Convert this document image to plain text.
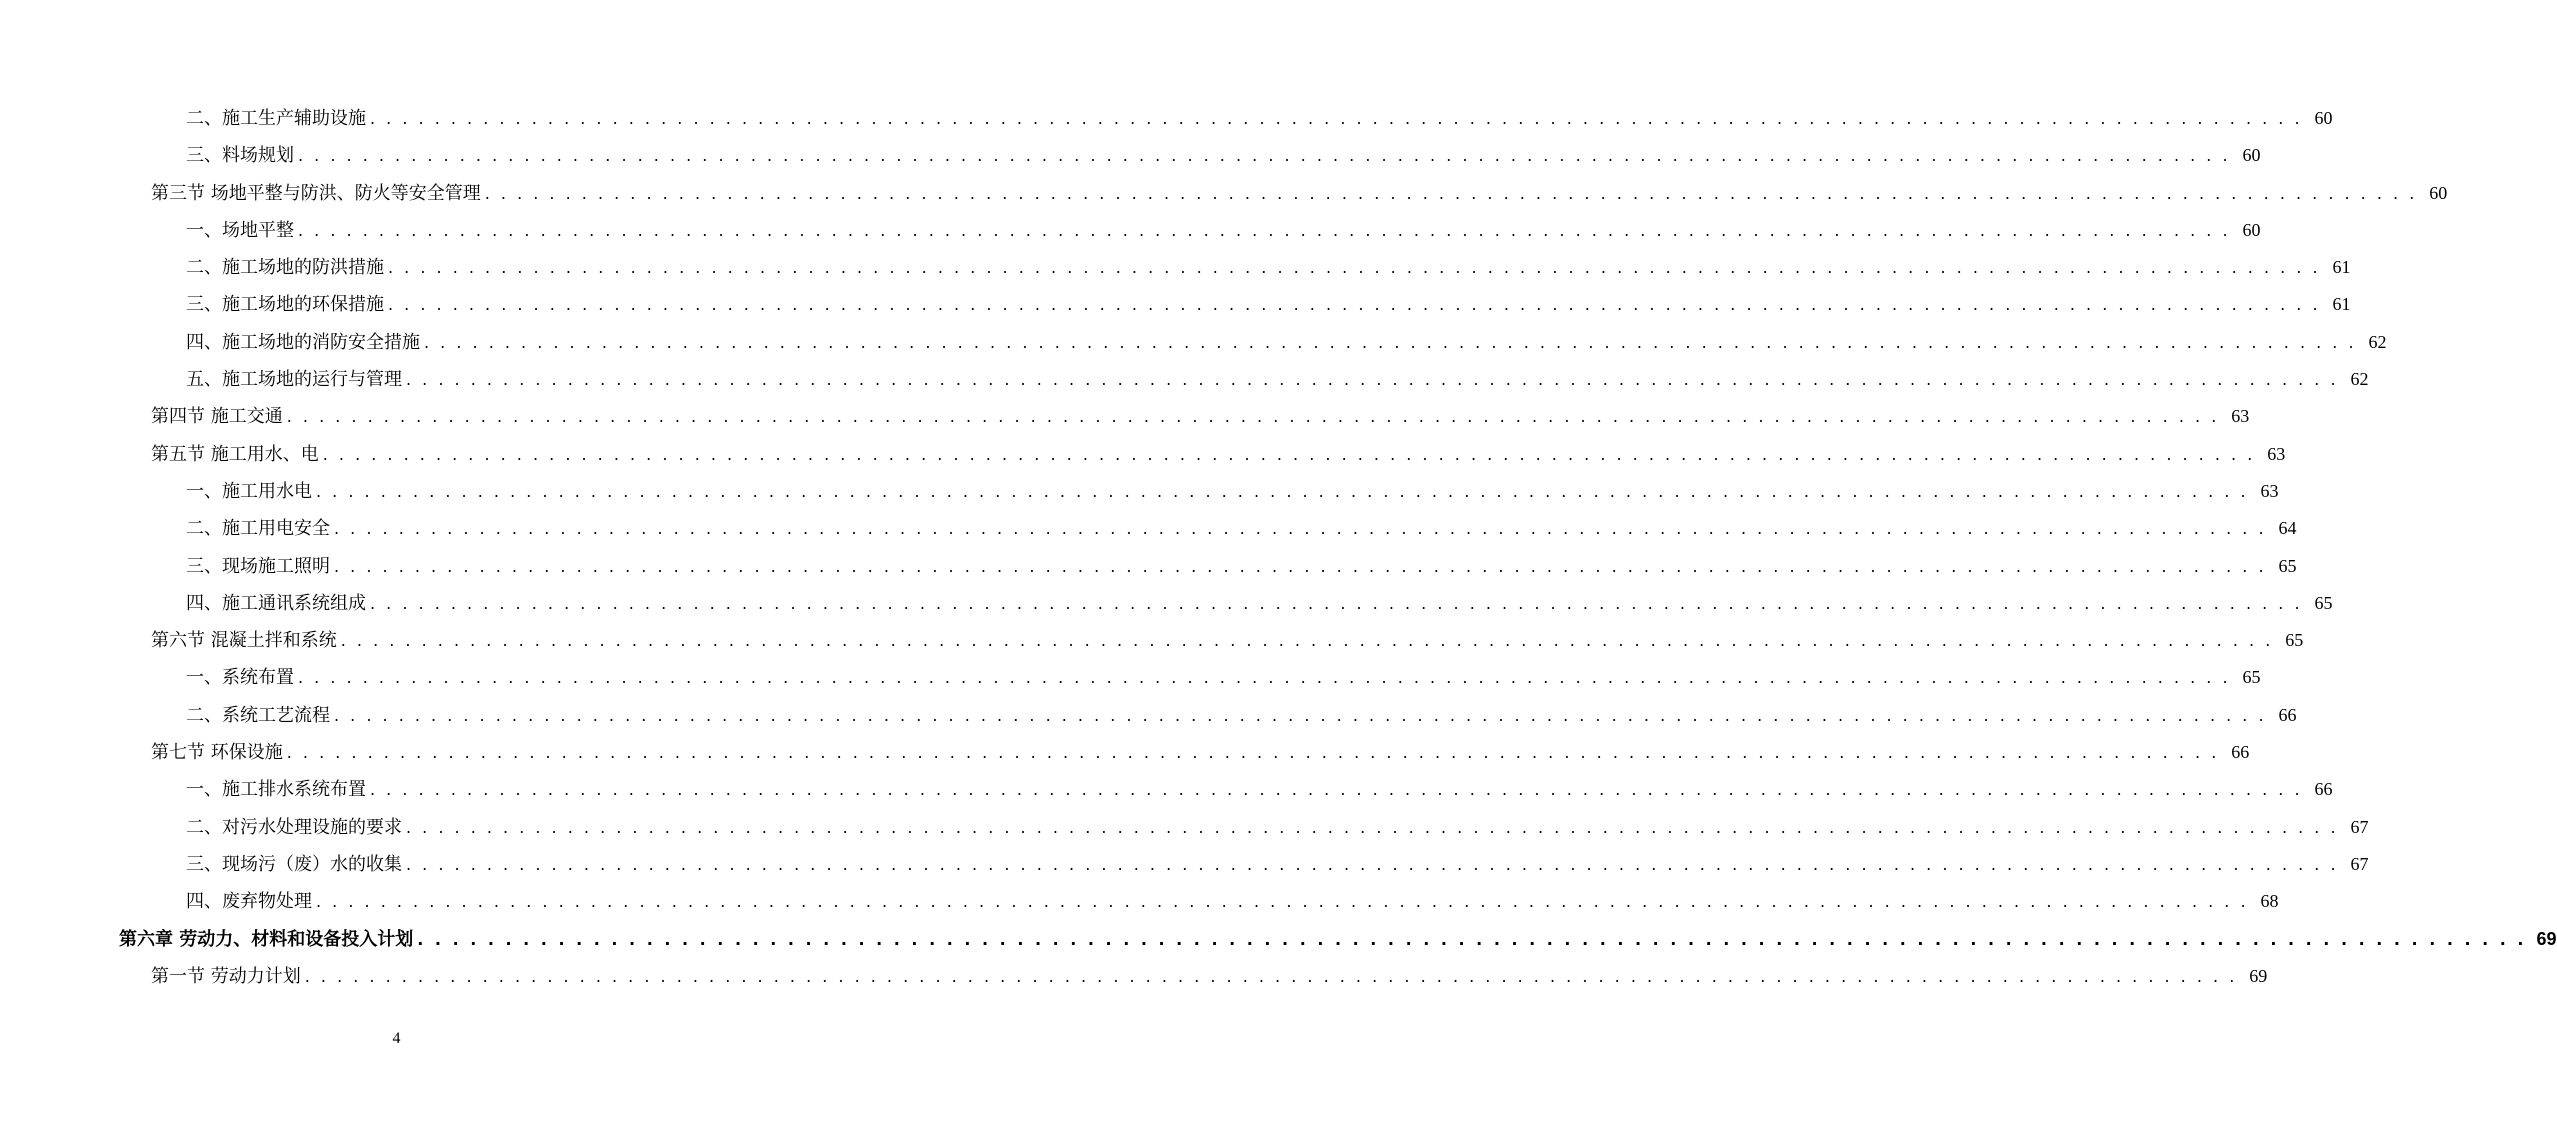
二、施工生产辅助设施 . . . . . . . . . . . . . . . . . . . . . . . . . . . . . . . . . . . . . . . . . . . . . . . . . . . . . . . . . . . . . . . . . . . . . . . . . . . . . . . . . . . . . . . . . . . . . . . . . . . . . . . . . . . . . . . . . . . . . . . . 60
三、料场规划 . . . . . . . . . . . . . . . . . . . . . . . . . . . . . . . . . . . . . . . . . . . . . . . . . . . . . . . . . . . . . . . . . . . . . . . . . . . . . . . . . . . . . . . . . . . . . . . . . . . . . . . . . . . . . . . . . . . . . . . . 60
第三节 场地平整与防洪、防火等安全管理 . . . . . . . . . . . . . . . . . . . . . . . . . . . . . . . . . . . . . . . . . . . . . . . . . . . . . . . . . . . . . . . . . . . . . . . . . . . . . . . . . . . . . . . . . . . . . . . . . . . . . . . . . . . . . . . . . . . . . . . . 60
一、场地平整 . . . . . . . . . . . . . . . . . . . . . . . . . . . . . . . . . . . . . . . . . . . . . . . . . . . . . . . . . . . . . . . . . . . . . . . . . . . . . . . . . . . . . . . . . . . . . . . . . . . . . . . . . . . . . . . . . . . . . . . . 60
二、施工场地的防洪措施 . . . . . . . . . . . . . . . . . . . . . . . . . . . . . . . . . . . . . . . . . . . . . . . . . . . . . . . . . . . . . . . . . . . . . . . . . . . . . . . . . . . . . . . . . . . . . . . . . . . . . . . . . . . . . . . . . . . . . . . . 61
三、施工场地的环保措施 . . . . . . . . . . . . . . . . . . . . . . . . . . . . . . . . . . . . . . . . . . . . . . . . . . . . . . . . . . . . . . . . . . . . . . . . . . . . . . . . . . . . . . . . . . . . . . . . . . . . . . . . . . . . . . . . . . . . . . . . 61
四、施工场地的消防安全措施 . . . . . . . . . . . . . . . . . . . . . . . . . . . . . . . . . . . . . . . . . . . . . . . . . . . . . . . . . . . . . . . . . . . . . . . . . . . . . . . . . . . . . . . . . . . . . . . . . . . . . . . . . . . . . . . . . . . . . . . . 62
五、施工场地的运行与管理 . . . . . . . . . . . . . . . . . . . . . . . . . . . . . . . . . . . . . . . . . . . . . . . . . . . . . . . . . . . . . . . . . . . . . . . . . . . . . . . . . . . . . . . . . . . . . . . . . . . . . . . . . . . . . . . . . . . . . . . . 62
第四节 施工交通 . . . . . . . . . . . . . . . . . . . . . . . . . . . . . . . . . . . . . . . . . . . . . . . . . . . . . . . . . . . . . . . . . . . . . . . . . . . . . . . . . . . . . . . . . . . . . . . . . . . . . . . . . . . . . . . . . . . . . . . . 63
第五节 施工用水、电 . . . . . . . . . . . . . . . . . . . . . . . . . . . . . . . . . . . . . . . . . . . . . . . . . . . . . . . . . . . . . . . . . . . . . . . . . . . . . . . . . . . . . . . . . . . . . . . . . . . . . . . . . . . . . . . . . . . . . . . . 63
一、施工用水电 . . . . . . . . . . . . . . . . . . . . . . . . . . . . . . . . . . . . . . . . . . . . . . . . . . . . . . . . . . . . . . . . . . . . . . . . . . . . . . . . . . . . . . . . . . . . . . . . . . . . . . . . . . . . . . . . . . . . . . . . 63
二、施工用电安全 . . . . . . . . . . . . . . . . . . . . . . . . . . . . . . . . . . . . . . . . . . . . . . . . . . . . . . . . . . . . . . . . . . . . . . . . . . . . . . . . . . . . . . . . . . . . . . . . . . . . . . . . . . . . . . . . . . . . . . . . 64
三、现场施工照明 . . . . . . . . . . . . . . . . . . . . . . . . . . . . . . . . . . . . . . . . . . . . . . . . . . . . . . . . . . . . . . . . . . . . . . . . . . . . . . . . . . . . . . . . . . . . . . . . . . . . . . . . . . . . . . . . . . . . . . . . 65
四、施工通讯系统组成 . . . . . . . . . . . . . . . . . . . . . . . . . . . . . . . . . . . . . . . . . . . . . . . . . . . . . . . . . . . . . . . . . . . . . . . . . . . . . . . . . . . . . . . . . . . . . . . . . . . . . . . . . . . . . . . . . . . . . . . . 65
第六节 混凝土拌和系统 . . . . . . . . . . . . . . . . . . . . . . . . . . . . . . . . . . . . . . . . . . . . . . . . . . . . . . . . . . . . . . . . . . . . . . . . . . . . . . . . . . . . . . . . . . . . . . . . . . . . . . . . . . . . . . . . . . . . . . . . 65
一、系统布置 . . . . . . . . . . . . . . . . . . . . . . . . . . . . . . . . . . . . . . . . . . . . . . . . . . . . . . . . . . . . . . . . . . . . . . . . . . . . . . . . . . . . . . . . . . . . . . . . . . . . . . . . . . . . . . . . . . . . . . . . 65
二、系统工艺流程 . . . . . . . . . . . . . . . . . . . . . . . . . . . . . . . . . . . . . . . . . . . . . . . . . . . . . . . . . . . . . . . . . . . . . . . . . . . . . . . . . . . . . . . . . . . . . . . . . . . . . . . . . . . . . . . . . . . . . . . . 66
第七节 环保设施 . . . . . . . . . . . . . . . . . . . . . . . . . . . . . . . . . . . . . . . . . . . . . . . . . . . . . . . . . . . . . . . . . . . . . . . . . . . . . . . . . . . . . . . . . . . . . . . . . . . . . . . . . . . . . . . . . . . . . . . . 66
一、施工排水系统布置 . . . . . . . . . . . . . . . . . . . . . . . . . . . . . . . . . . . . . . . . . . . . . . . . . . . . . . . . . . . . . . . . . . . . . . . . . . . . . . . . . . . . . . . . . . . . . . . . . . . . . . . . . . . . . . . . . . . . . . . . 66
二、对污水处理设施的要求 . . . . . . . . . . . . . . . . . . . . . . . . . . . . . . . . . . . . . . . . . . . . . . . . . . . . . . . . . . . . . . . . . . . . . . . . . . . . . . . . . . . . . . . . . . . . . . . . . . . . . . . . . . . . . . . . . . . . . . . . 67
三、现场污（废）水的收集 . . . . . . . . . . . . . . . . . . . . . . . . . . . . . . . . . . . . . . . . . . . . . . . . . . . . . . . . . . . . . . . . . . . . . . . . . . . . . . . . . . . . . . . . . . . . . . . . . . . . . . . . . . . . . . . . . . . . . . . . 67
四、废弃物处理 . . . . . . . . . . . . . . . . . . . . . . . . . . . . . . . . . . . . . . . . . . . . . . . . . . . . . . . . . . . . . . . . . . . . . . . . . . . . . . . . . . . . . . . . . . . . . . . . . . . . . . . . . . . . . . . . . . . . . . . . 68
第六章 劳动力、材料和设备投入计划 . . . . . . . . . . . . . . . . . . . . . . . . . . . . . . . . . . . . . . . . . . . . . . . . . . . . . . . . . . . . . . . . . . . . . . . . . . . . . . . . . . . . . . . . . . . . . . . . . . . . . . . . . . . . . . . . . . . . . . . . 69
第一节 劳动力计划 . . . . . . . . . . . . . . . . . . . . . . . . . . . . . . . . . . . . . . . . . . . . . . . . . . . . . . . . . . . . . . . . . . . . . . . . . . . . . . . . . . . . . . . . . . . . . . . . . . . . . . . . . . . . . . . . . . . . . . . . 69
4
